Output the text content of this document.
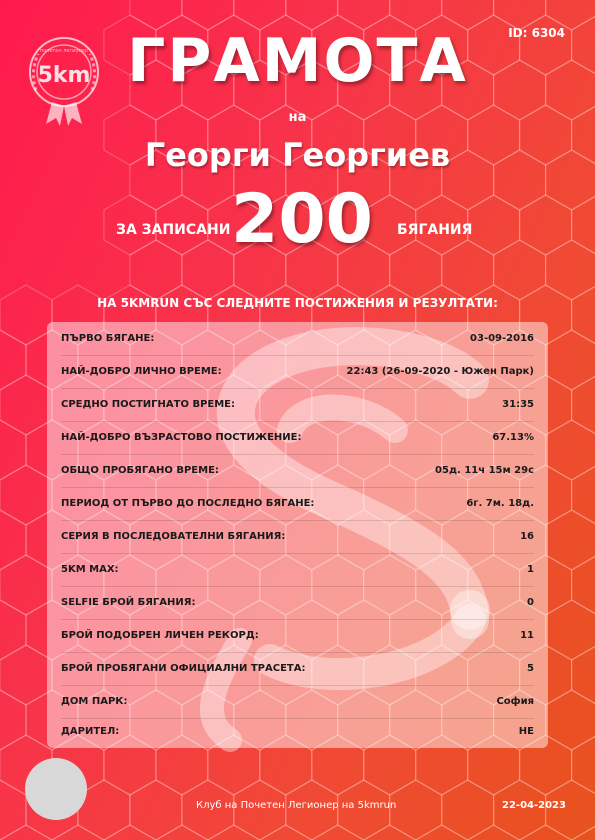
ID: 6304
5km
почетен легионер ГРАМОТА
на
Георги Георгиев
ЗА ЗАПИСАНИ 200	БЯГАНИЯ
НА 5KMRUN СЪС СЛЕДНИТЕ ПОСТИЖЕНИЯ И РЕЗУЛТАТИ:
ПЪРВО БЯГАНЕ:	03-09-2016
НАЙ-ДОБРО ЛИЧНО ВРЕМЕ:	22:43 (26-09-2020 - Южен Парк)
СРЕДНО ПОСТИГНАТО ВРЕМЕ:	31:35
НАЙ-ДОБРО ВЪЗРАСТОВО ПОСТИЖЕНИЕ:	67.13%
ОБЩО ПРОБЯГАНО ВРЕМЕ:	05д. 11ч 15м 29с
ПЕРИОД ОТ ПЪРВО ДО ПОСЛЕДНО БЯГАНЕ:	6г. 7м. 18д.
СЕРИЯ В ПОСЛЕДОВАТЕЛНИ БЯГАНИЯ:	16
5KM MAX:	1
SELFIE БРОЙ БЯГАНИЯ:	0
БРОЙ ПОДОБРЕН ЛИЧЕН РЕКОРД:	11
БРОЙ ПРОБЯГАНИ ОФИЦИАЛНИ ТРАСЕТА:	5
ДОМ ПАРК:	София
ДАРИТЕЛ:	НЕ
Клуб на Почетен Легионер на 5kmrun	22-04-2023
